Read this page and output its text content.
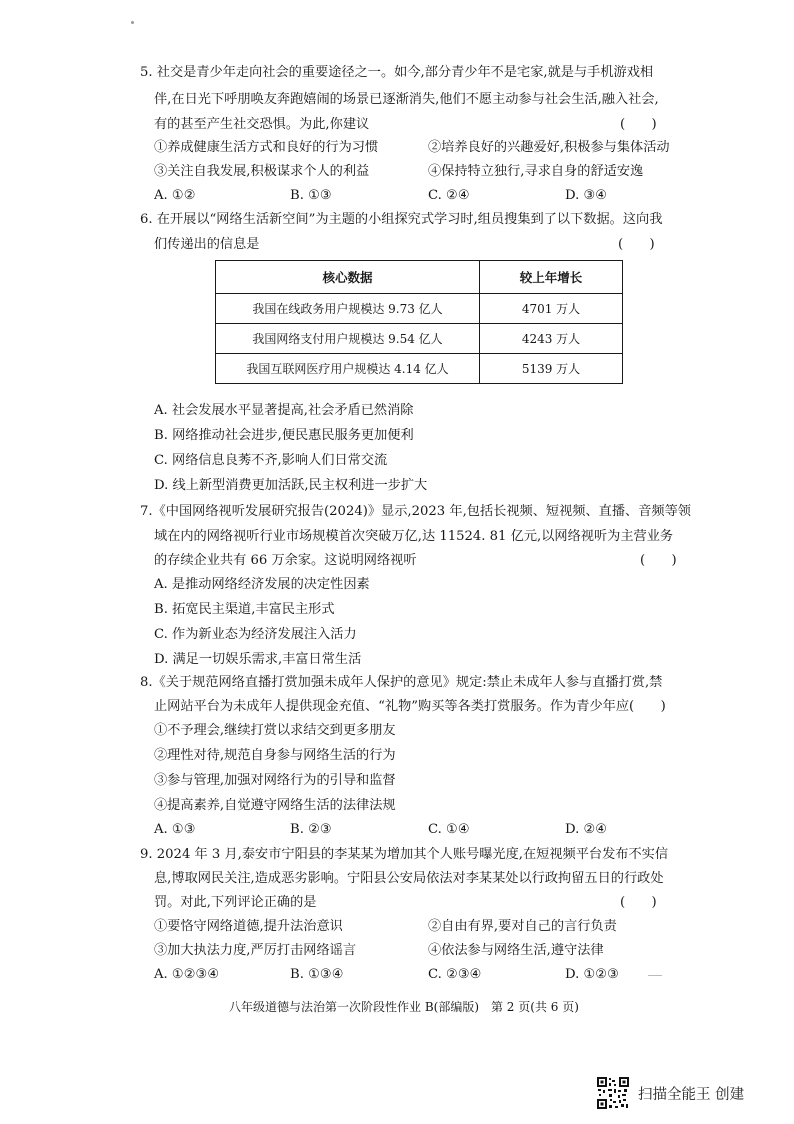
5. 社交是青少年走向社会的重要途径之一。如今,部分青少年不是宅家,就是与手机游戏相
伴,在日光下呼朋唤友奔跑嬉闹的场景已逐渐消失,他们不愿主动参与社会生活,融入社会,
有的甚至产生社交恐惧。为此,你建议	(　　)
①养成健康生活方式和良好的行为习惯	②培养良好的兴趣爱好,积极参与集体活动
③关注自我发展,积极谋求个人的利益	④保持特立独行,寻求自身的舒适安逸
A. ①②	B. ①③	C. ②④	D. ③④
6. 在开展以“网络生活新空间”为主题的小组探究式学习时,组员搜集到了以下数据。这向我
们传递出的信息是	(　　)
核心数据	较上年增长
我国在线政务用户规模达 9.73 亿人	4701 万人
我国网络支付用户规模达 9.54 亿人	4243 万人
我国互联网医疗用户规模达 4.14 亿人	5139 万人
A. 社会发展水平显著提高,社会矛盾已然消除
B. 网络推动社会进步,便民惠民服务更加便利
C. 网络信息良莠不齐,影响人们日常交流
D. 线上新型消费更加活跃,民主权利进一步扩大
7.《中国网络视听发展研究报告(2024)》显示,2023 年,包括长视频、短视频、直播、音频等领
域在内的网络视听行业市场规模首次突破万亿,达 11524. 81 亿元,以网络视听为主营业务
的存续企业共有 66 万余家。这说明网络视听	(　　)
A. 是推动网络经济发展的决定性因素
B. 拓宽民主渠道,丰富民主形式
C. 作为新业态为经济发展注入活力
D. 满足一切娱乐需求,丰富日常生活
8.《关于规范网络直播打赏加强未成年人保护的意见》规定:禁止未成年人参与直播打赏,禁
止网站平台为未成年人提供现金充值、“礼物”购买等各类打赏服务。作为青少年应(　　)
①不予理会,继续打赏以求结交到更多朋友
②理性对待,规范自身参与网络生活的行为
③参与管理,加强对网络行为的引导和监督
④提高素养,自觉遵守网络生活的法律法规
A. ①③	B. ②③	C. ①④	D. ②④
9. 2024 年 3 月,泰安市宁阳县的李某某为增加其个人账号曝光度,在短视频平台发布不实信
息,博取网民关注,造成恶劣影响。宁阳县公安局依法对李某某处以行政拘留五日的行政处
罚。对此,下列评论正确的是	(　　)
①要恪守网络道德,提升法治意识	②自由有界,要对自己的言行负责
③加大执法力度,严厉打击网络谣言	④依法参与网络生活,遵守法律
A. ①②③④	B. ①③④	C. ②③④	D. ①②③
八年级道德与法治第一次阶段性作业 B(部编版)　第 2 页(共 6 页)
扫描全能王 创建
